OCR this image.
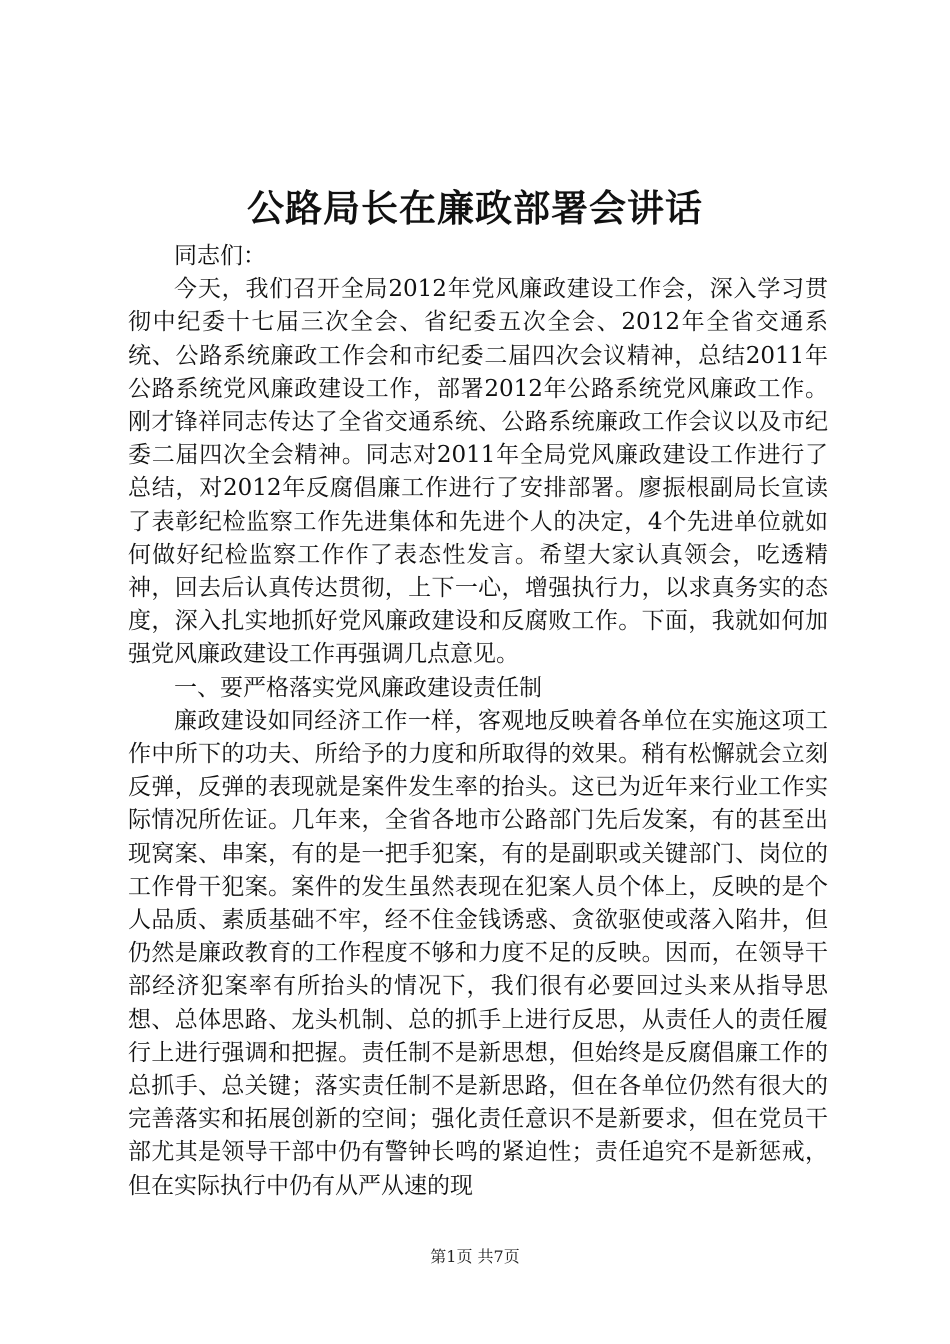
公路局长在廉政部署会讲话

同志们：

今天，我们召开全局2012年党风廉政建设工作会，深入学习贯彻中纪委十七届三次全会、省纪委五次全会、2012年全省交通系统、公路系统廉政工作会和市纪委二届四次会议精神，总结2011年公路系统党风廉政建设工作，部署2012年公路系统党风廉政工作。刚才锋祥同志传达了全省交通系统、公路系统廉政工作会议以及市纪委二届四次全会精神。同志对2011年全局党风廉政建设工作进行了总结，对2012年反腐倡廉工作进行了安排部署。廖振根副局长宣读了表彰纪检监察工作先进集体和先进个人的决定，4个先进单位就如何做好纪检监察工作作了表态性发言。希望大家认真领会，吃透精神，回去后认真传达贯彻，上下一心，增强执行力，以求真务实的态度，深入扎实地抓好党风廉政建设和反腐败工作。下面，我就如何加强党风廉政建设工作再强调几点意见。

一、要严格落实党风廉政建设责任制

廉政建设如同经济工作一样，客观地反映着各单位在实施这项工作中所下的功夫、所给予的力度和所取得的效果。稍有松懈就会立刻反弹，反弹的表现就是案件发生率的抬头。这已为近年来行业工作实际情况所佐证。几年来，全省各地市公路部门先后发案，有的甚至出现窝案、串案，有的是一把手犯案，有的是副职或关键部门、岗位的工作骨干犯案。案件的发生虽然表现在犯案人员个体上，反映的是个人品质、素质基础不牢，经不住金钱诱惑、贪欲驱使或落入陷井，但仍然是廉政教育的工作程度不够和力度不足的反映。因而，在领导干部经济犯案率有所抬头的情况下，我们很有必要回过头来从指导思想、总体思路、龙头机制、总的抓手上进行反思，从责任人的责任履行上进行强调和把握。责任制不是新思想，但始终是反腐倡廉工作的总抓手、总关键；落实责任制不是新思路，但在各单位仍然有很大的完善落实和拓展创新的空间；强化责任意识不是新要求，但在党员干部尤其是领导干部中仍有警钟长鸣的紧迫性；责任追究不是新惩戒，但在实际执行中仍有从严从速的现

第1页 共7页
